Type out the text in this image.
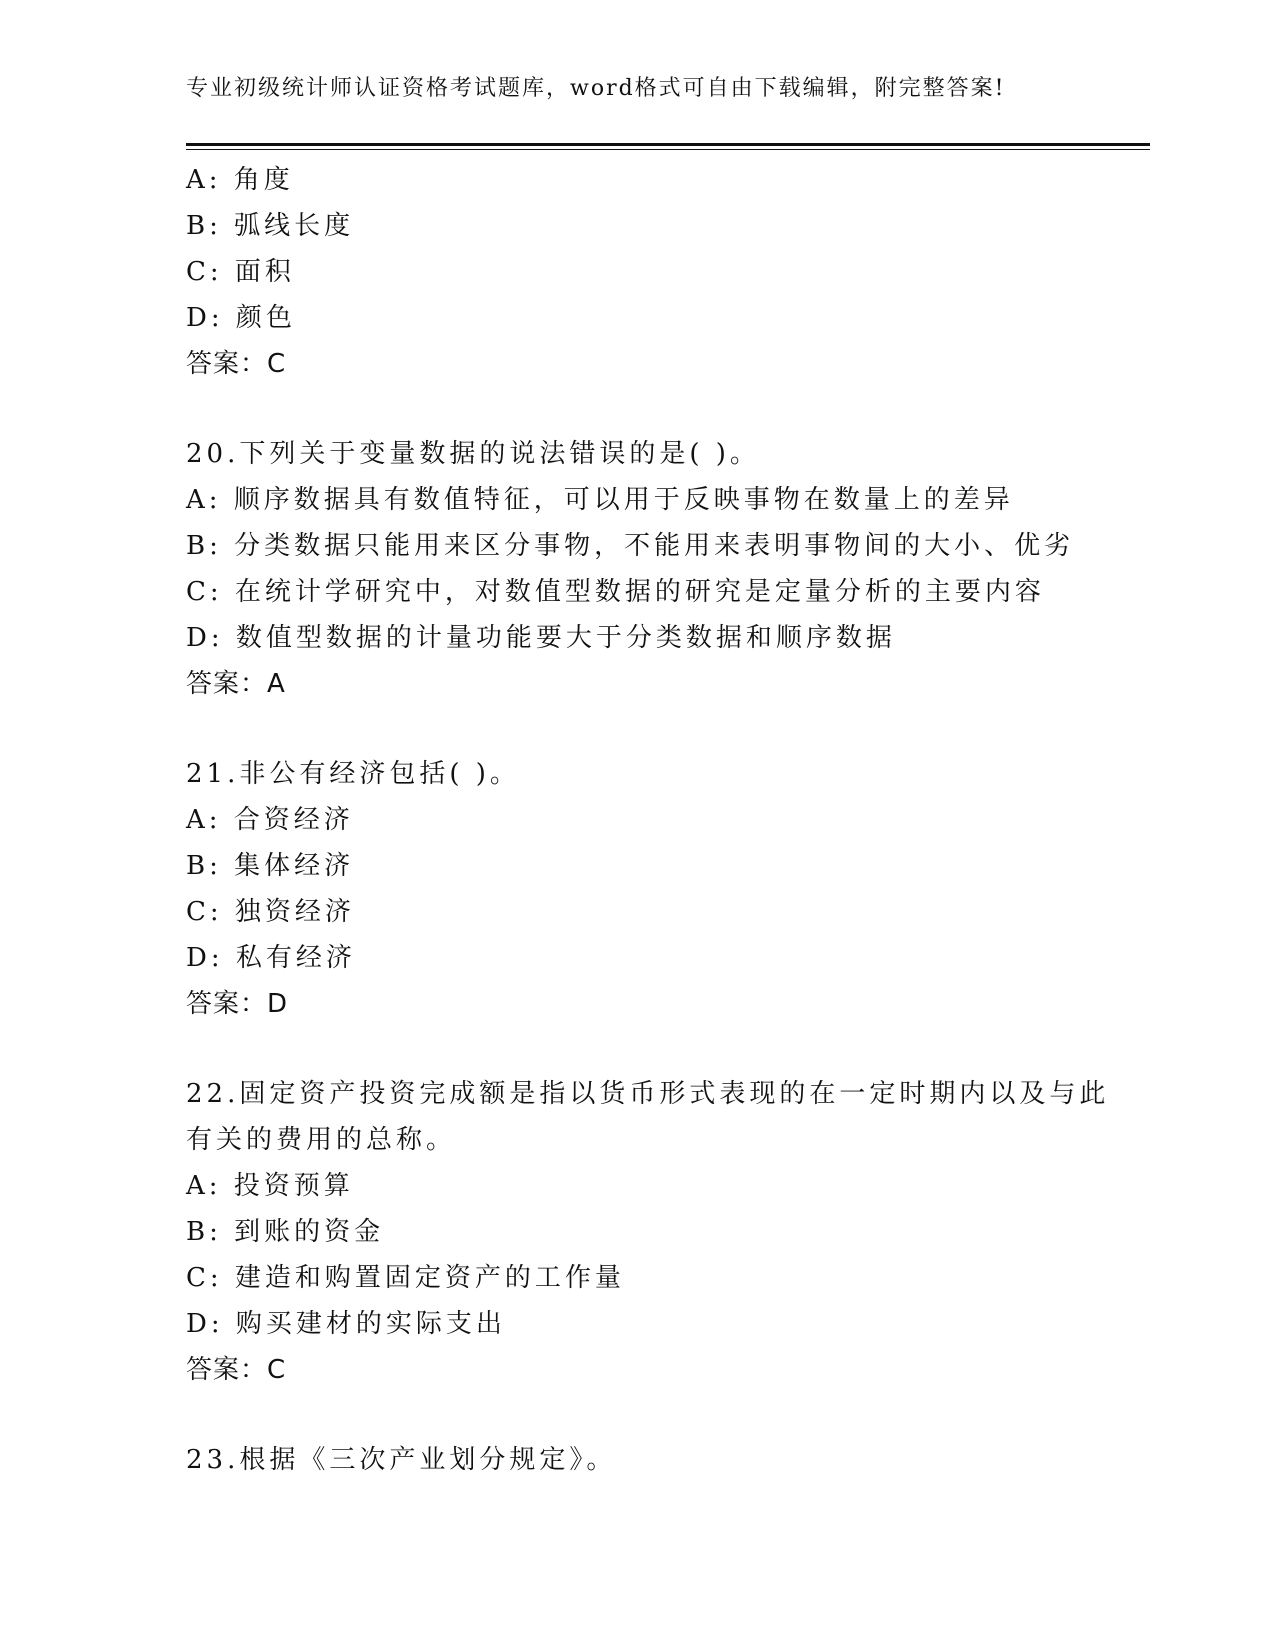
专业初级统计师认证资格考试题库，word格式可自由下载编辑，附完整答案!
A: 角度
B: 弧线长度
C: 面积
D: 颜色
答案：C
20.下列关于变量数据的说法错误的是( )。
A: 顺序数据具有数值特征，可以用于反映事物在数量上的差异
B: 分类数据只能用来区分事物，不能用来表明事物间的大小、优劣
C: 在统计学研究中，对数值型数据的研究是定量分析的主要内容
D: 数值型数据的计量功能要大于分类数据和顺序数据
答案：A
21.非公有经济包括( )。
A: 合资经济
B: 集体经济
C: 独资经济
D: 私有经济
答案：D
22.固定资产投资完成额是指以货币形式表现的在一定时期内以及与此
有关的费用的总称。
A: 投资预算
B: 到账的资金
C: 建造和购置固定资产的工作量
D: 购买建材的实际支出
答案：C
23.根据《三次产业划分规定》。
